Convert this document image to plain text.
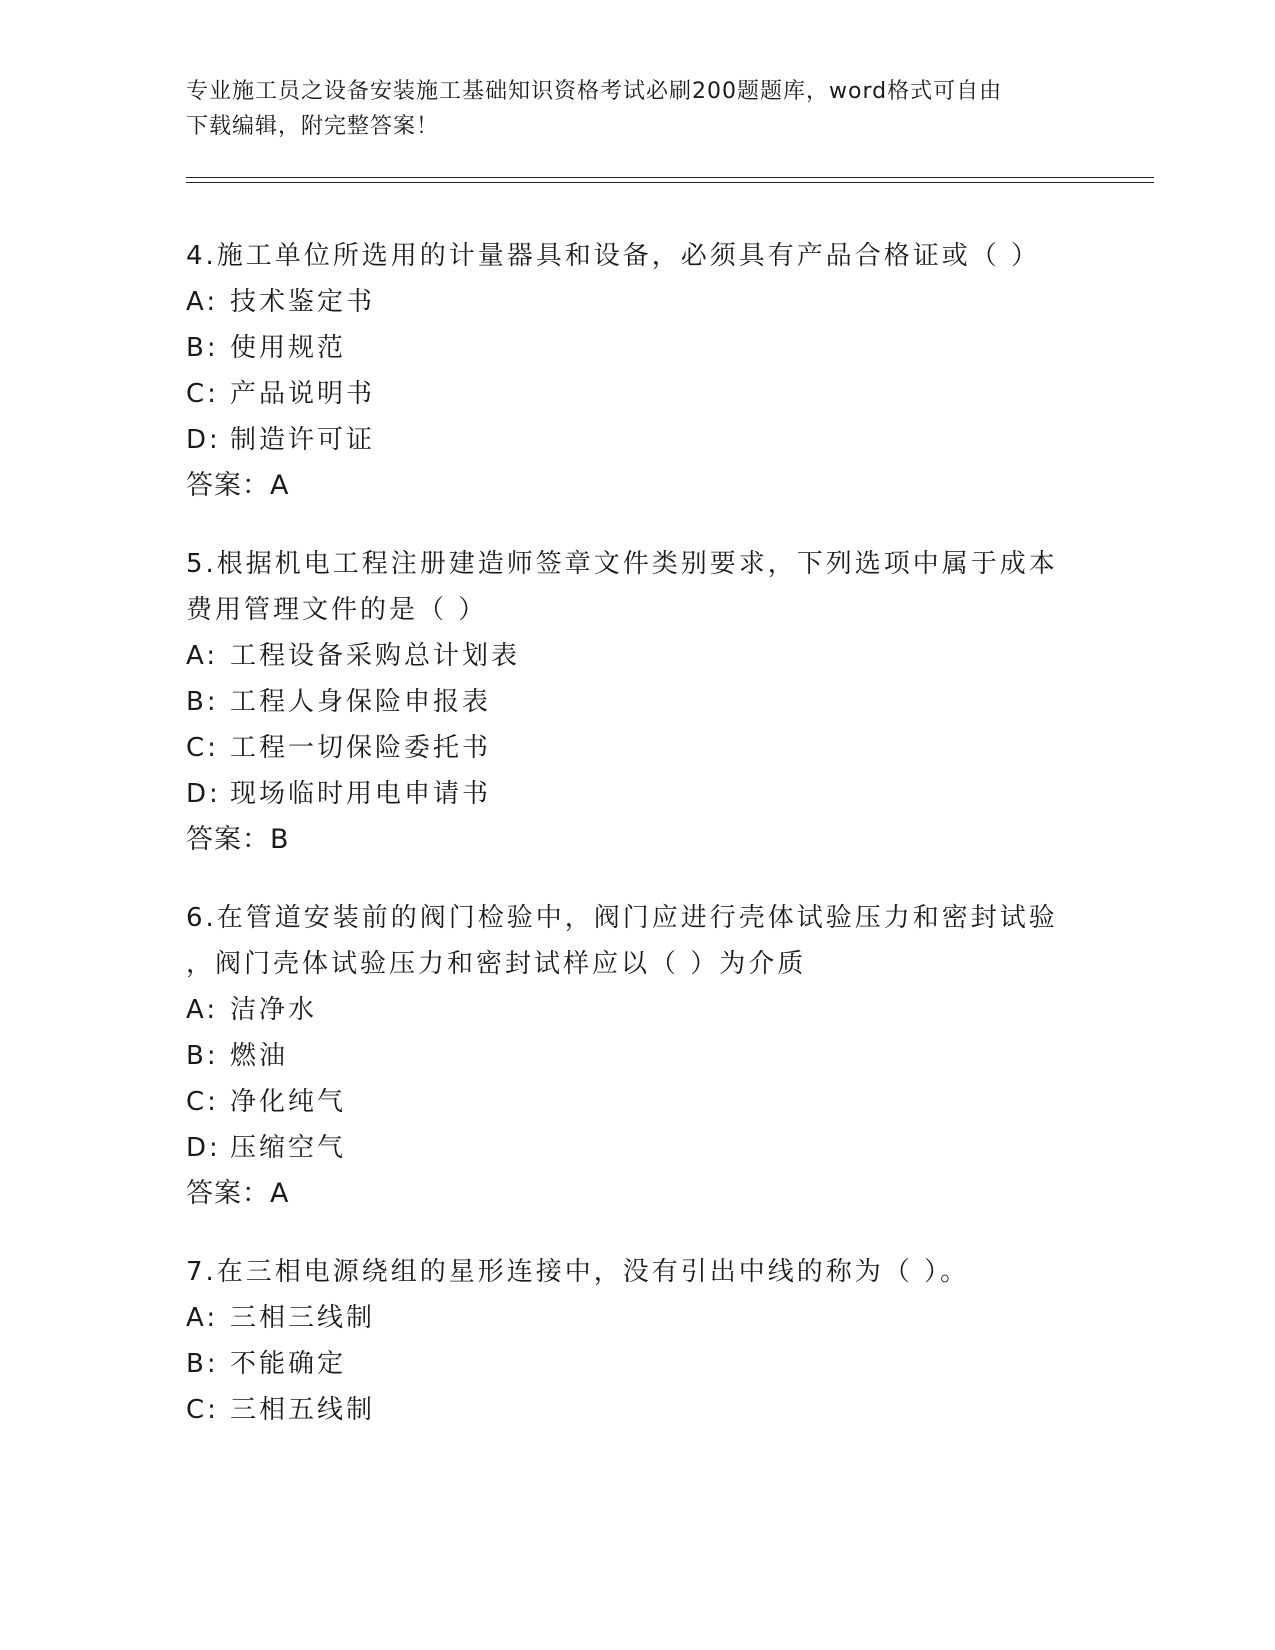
专业施工员之设备安装施工基础知识资格考试必刷200题题库，word格式可自由
下载编辑，附完整答案！
4.施工单位所选用的计量器具和设备，必须具有产品合格证或（ ）
A: 技术鉴定书
B: 使用规范
C: 产品说明书
D: 制造许可证
答案：A
5.根据机电工程注册建造师签章文件类别要求，下列选项中属于成本
费用管理文件的是（ ）
A: 工程设备采购总计划表
B: 工程人身保险申报表
C: 工程一切保险委托书
D: 现场临时用电申请书
答案：B
6.在管道安装前的阀门检验中，阀门应进行壳体试验压力和密封试验
，阀门壳体试验压力和密封试样应以（ ）为介质
A: 洁净水
B: 燃油
C: 净化纯气
D: 压缩空气
答案：A
7.在三相电源绕组的星形连接中，没有引出中线的称为（ ）。
A: 三相三线制
B: 不能确定
C: 三相五线制
